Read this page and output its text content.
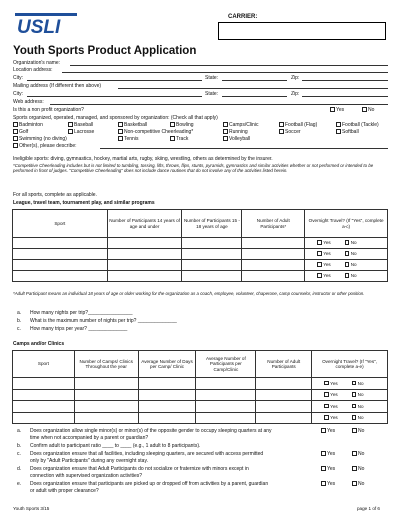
USLI	CARRIER:
Youth Sports Product Application
Organization's name:
Location address:
City:	State:	Zip:
Mailing address (If different then above)
City:	State:	Zip:
Web address:
Is this a non profit organization?	Yes	No
Sports organized, operated, managed, and sponsored by organization: (Check all that apply)
Badminton	Baseball	Basketball	Bowling	Camps/Clinic	Football (Flag)	Football (Tackle)
Golf	Lacrosse	Non-competitive Cheerleading*	Running	Soccer	Softball
Swimming (no diving)	Tennis	Track	Volleyball
Other(s), please describe:
Ineligible sports: diving, gymnastics, hockey, martial arts, rugby, skiing, wrestling, others as determined by the insurer.
*Competitive Cheerleading includes but is not limited to tumbling, tossing, lifts, throws, flips, stunts, pyramids, gymnastics and similar activities whether or not performed or intended to be performed in front of judges. "Competitive Cheerleading" does not include dance routines that do not involve any of the activities listed herein.
For all sports, complete as applicable.
League, travel team, tournament play, and similar programs
Sport	Number of Participants 14 years of age and under	Number of Participants 15 - 18 years of age	Number of Adult Participants*	Overnight Travel? (If "Yes", complete a-c)
				Yes No
				Yes No
				Yes No
				Yes No
*Adult Participant means an individual 18 years of age or older working for the organization as a coach, employee, volunteer, chaperone, camp counselor, instructor or other position.
a. How many nights per trip?________________
b. What is the maximum number of nights per trip? ______________
c. How many trips per year? ______________
Camps and/or Clinics
Sport	Number of Camps/ Clinics Throughout the year	Average Number of Days per Camp/ Clinic	Average Number of Participants per Camp/Clinic	Number of Adult Participants	Overnight Travel? (If "Yes", complete a-e)
					Yes No
					Yes No
					Yes No
					Yes No
a. Does organization allow single minor(s) or minor(s) of the opposite gender to occupy sleeping quarters at any
time when not accompanied by a parent or guardian?
Yes	No
b. Confirm adult to participant ratio ____ to ____ (e.g., 1 adult to 8 participants).
c. Does organization ensure that all facilities, including sleeping quarters, are secured with access permitted
only by "Adult Participants" during any overnight stay.
Yes	No
d. Does organization ensure that Adult Participants do not socialize or fraternize with minors except in
connection with supervised organization activities?
Yes	No
e. Does organization ensure that participants are picked up or dropped off from activities by a parent, guardian
or adult with proper clearance?
Yes	No
Youth Sports 3/15	page 1 of 6
